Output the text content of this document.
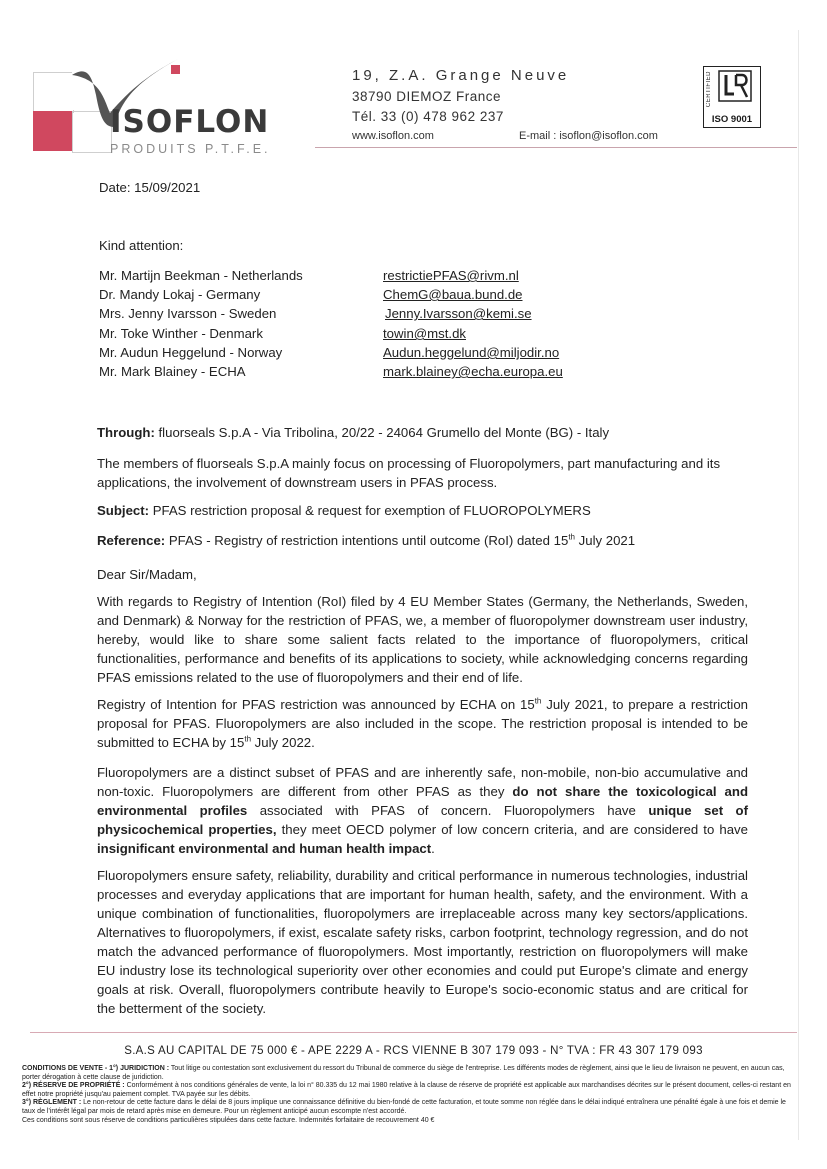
ISOFLON
PRODUITS P.T.F.E.
19, Z.A. Grange Neuve
38790 DIEMOZ France
Tél. 33 (0) 478 962 237
www.isoflon.com	E-mail : isoflon@isoflon.com
CERTIFIED
ISO 9001
Date: 15/09/2021
Kind attention:
Mr. Martijn Beekman - Netherlands	restrictiePFAS@rivm.nl
Dr. Mandy Lokaj - Germany	ChemG@baua.bund.de
Mrs. Jenny Ivarsson - Sweden	Jenny.Ivarsson@kemi.se
Mr. Toke Winther - Denmark	towin@mst.dk
Mr. Audun Heggelund - Norway	Audun.heggelund@miljodir.no
Mr. Mark Blainey - ECHA	mark.blainey@echa.europa.eu
Through: fluorseals S.p.A - Via Tribolina, 20/22 - 24064 Grumello del Monte (BG) - Italy
The members of fluorseals S.p.A mainly focus on processing of Fluoropolymers, part manufacturing and its applications, the involvement of downstream users in PFAS process.
Subject: PFAS restriction proposal & request for exemption of FLUOROPOLYMERS
Reference: PFAS - Registry of restriction intentions until outcome (RoI) dated 15th July 2021
Dear Sir/Madam,
With regards to Registry of Intention (RoI) filed by 4 EU Member States (Germany, the Netherlands, Sweden, and Denmark) & Norway for the restriction of PFAS, we, a member of fluoropolymer downstream user industry, hereby, would like to share some salient facts related to the importance of fluoropolymers, critical functionalities, performance and benefits of its applications to society, while acknowledging concerns regarding PFAS emissions related to the use of fluoropolymers and their end of life.
Registry of Intention for PFAS restriction was announced by ECHA on 15th July 2021, to prepare a restriction proposal for PFAS. Fluoropolymers are also included in the scope. The restriction proposal is intended to be submitted to ECHA by 15th July 2022.
Fluoropolymers are a distinct subset of PFAS and are inherently safe, non-mobile, non-bio accumulative and non-toxic. Fluoropolymers are different from other PFAS as they do not share the toxicological and environmental profiles associated with PFAS of concern. Fluoropolymers have unique set of physicochemical properties, they meet OECD polymer of low concern criteria, and are considered to have insignificant environmental and human health impact.
Fluoropolymers ensure safety, reliability, durability and critical performance in numerous technologies, industrial processes and everyday applications that are important for human health, safety, and the environment. With a unique combination of functionalities, fluoropolymers are irreplaceable across many key sectors/applications. Alternatives to fluoropolymers, if exist, escalate safety risks, carbon footprint, technology regression, and do not match the advanced performance of fluoropolymers. Most importantly, restriction on fluoropolymers will make EU industry lose its technological superiority over other economies and could put Europe's climate and energy goals at risk. Overall, fluoropolymers contribute heavily to Europe's socio-economic status and are critical for the betterment of the society.
S.A.S AU CAPITAL DE 75 000 € - APE 2229 A - RCS VIENNE B 307 179 093 - N° TVA : FR 43 307 179 093
CONDITIONS DE VENTE - 1°) JURIDICTION : Tout litige ou contestation sont exclusivement du ressort du Tribunal de commerce du siège de l'entreprise. Les différents modes de règlement, ainsi que le lieu de livraison ne peuvent, en aucun cas, porter dérogation à cette clause de juridiction.
2°) RÉSERVE DE PROPRIÉTÉ : Conformément à nos conditions générales de vente, la loi n° 80.335 du 12 mai 1980 relative à la clause de réserve de propriété est applicable aux marchandises décrites sur le présent document, celles-ci restant en effet notre propriété jusqu'au paiement complet. TVA payée sur les débits.
3°) RÈGLEMENT : Le non-retour de cette facture dans le délai de 8 jours implique une connaissance définitive du bien-fondé de cette facturation, et toute somme non réglée dans le délai indiqué entraînera une pénalité égale à une fois et demie le taux de l'intérêt légal par mois de retard après mise en demeure. Pour un règlement anticipé aucun escompte n'est accordé.
Ces conditions sont sous réserve de conditions particulières stipulées dans cette facture. Indemnités forfaitaire de recouvrement 40 €
